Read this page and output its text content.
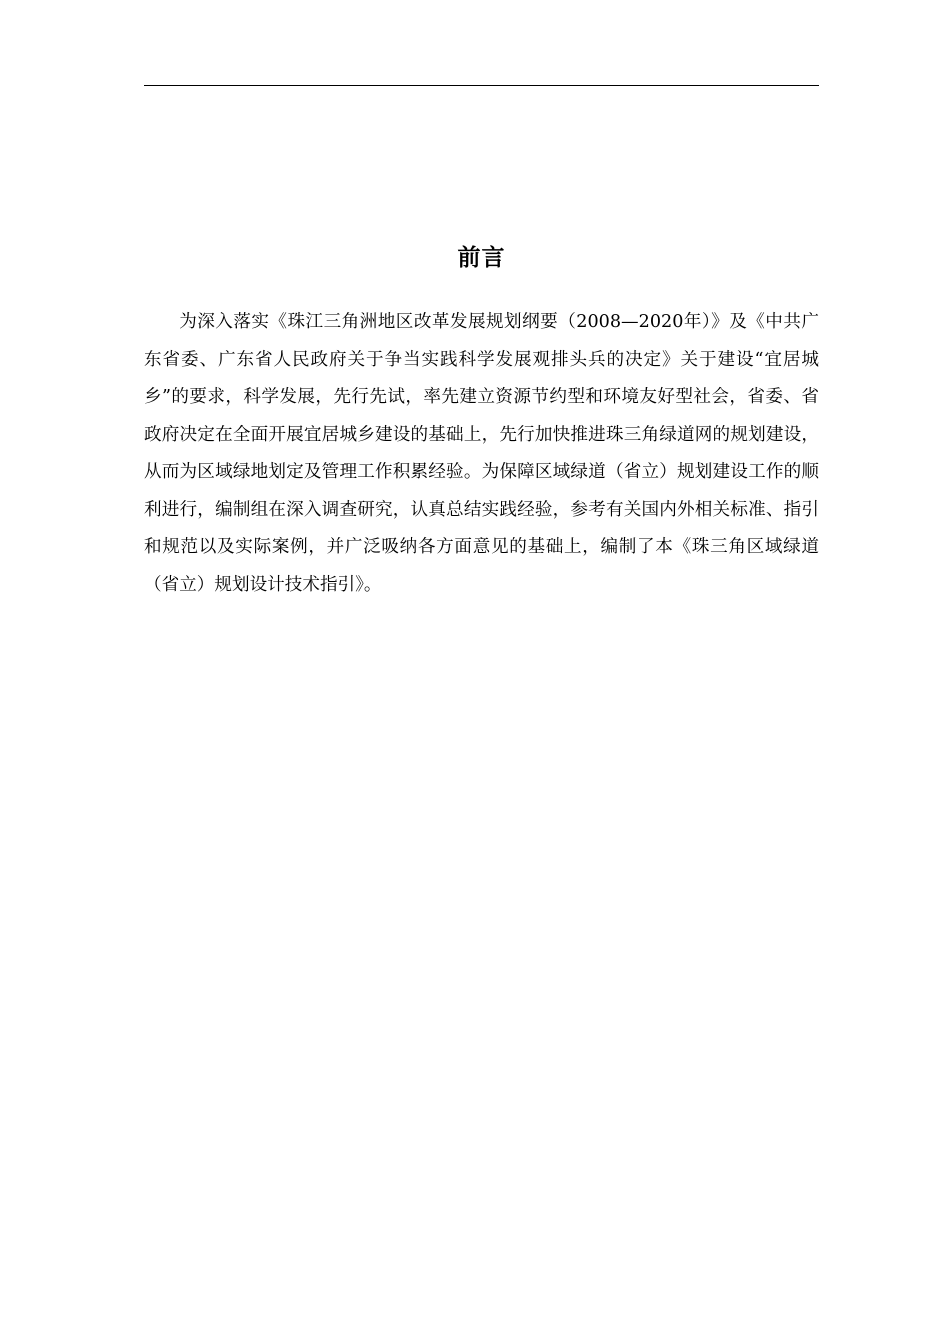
前言

为深入落实《珠江三角洲地区改革发展规划纲要（2008—2020年）》及《中共广东省委、广东省人民政府关于争当实践科学发展观排头兵的决定》关于建设“宜居城乡”的要求，科学发展，先行先试，率先建立资源节约型和环境友好型社会，省委、省政府决定在全面开展宜居城乡建设的基础上，先行加快推进珠三角绿道网的规划建设，从而为区域绿地划定及管理工作积累经验。为保障区域绿道（省立）规划建设工作的顺利进行，编制组在深入调查研究，认真总结实践经验，参考有关国内外相关标准、指引和规范以及实际案例，并广泛吸纳各方面意见的基础上，编制了本《珠三角区域绿道（省立）规划设计技术指引》。
